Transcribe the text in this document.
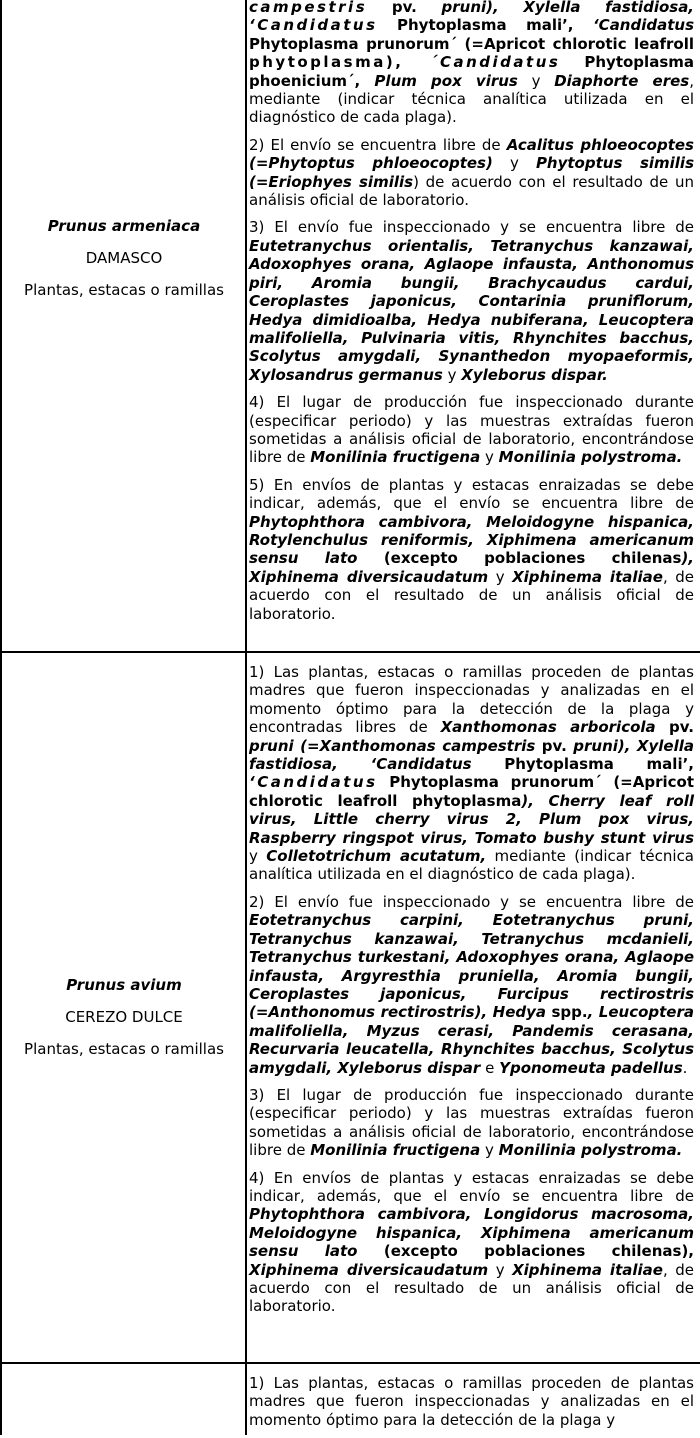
Prunus armeniaca

DAMASCO

Plantas, estacas o ramillas

campestris pv. pruni), Xylella fastidiosa, ‘Candidatus Phytoplasma mali’, ‘Candidatus Phytoplasma prunorum´ (=Apricot chlorotic leafroll phytoplasma), ´Candidatus Phytoplasma phoenicium´, Plum pox virus y Diaphorte eres, mediante (indicar técnica analítica utilizada en el diagnóstico de cada plaga).

2) El envío se encuentra libre de Acalitus phloeocoptes (=Phytoptus phloeocoptes) y Phytoptus similis (=Eriophyes similis) de acuerdo con el resultado de un análisis oficial de laboratorio.

3) El envío fue inspeccionado y se encuentra libre de Eutetranychus orientalis, Tetranychus kanzawai, Adoxophyes orana, Aglaope infausta, Anthonomus piri, Aromia bungii, Brachycaudus cardui, Ceroplastes japonicus, Contarinia pruniflorum, Hedya dimidioalba, Hedya nubiferana, Leucoptera malifoliella, Pulvinaria vitis, Rhynchites bacchus, Scolytus amygdali, Synanthedon myopaeformis, Xylosandrus germanus y Xyleborus dispar.

4) El lugar de producción fue inspeccionado durante (especificar periodo) y las muestras extraídas fueron sometidas a análisis oficial de laboratorio, encontrándose libre de Monilinia fructigena y Monilinia polystroma.

5) En envíos de plantas y estacas enraizadas se debe indicar, además, que el envío se encuentra libre de Phytophthora cambivora, Meloidogyne hispanica, Rotylenchulus reniformis, Xiphimena americanum sensu lato (excepto poblaciones chilenas), Xiphinema diversicaudatum y Xiphinema italiae, de acuerdo con el resultado de un análisis oficial de laboratorio.

Prunus avium

CEREZO DULCE

Plantas, estacas o ramillas

1) Las plantas, estacas o ramillas proceden de plantas madres que fueron inspeccionadas y analizadas en el momento óptimo para la detección de la plaga y encontradas libres de Xanthomonas arboricola pv. pruni (=Xanthomonas campestris pv. pruni), Xylella fastidiosa, ‘Candidatus Phytoplasma mali’, ‘Candidatus Phytoplasma prunorum´ (=Apricot chlorotic leafroll phytoplasma), Cherry leaf roll virus, Little cherry virus 2, Plum pox virus, Raspberry ringspot virus, Tomato bushy stunt virus y Colletotrichum acutatum, mediante (indicar técnica analítica utilizada en el diagnóstico de cada plaga).

2) El envío fue inspeccionado y se encuentra libre de Eotetranychus carpini, Eotetranychus pruni, Tetranychus kanzawai, Tetranychus mcdanieli, Tetranychus turkestani, Adoxophyes orana, Aglaope infausta, Argyresthia pruniella, Aromia bungii, Ceroplastes japonicus, Furcipus rectirostris (=Anthonomus rectirostris), Hedya spp., Leucoptera malifoliella, Myzus cerasi, Pandemis cerasana, Recurvaria leucatella, Rhynchites bacchus, Scolytus amygdali, Xyleborus dispar e Yponomeuta padellus.

3) El lugar de producción fue inspeccionado durante (especificar periodo) y las muestras extraídas fueron sometidas a análisis oficial de laboratorio, encontrándose libre de Monilinia fructigena y Monilinia polystroma.

4) En envíos de plantas y estacas enraizadas se debe indicar, además, que el envío se encuentra libre de Phytophthora cambivora, Longidorus macrosoma, Meloidogyne hispanica, Xiphimena americanum sensu lato (excepto poblaciones chilenas), Xiphinema diversicaudatum y Xiphinema italiae, de acuerdo con el resultado de un análisis oficial de laboratorio.

1) Las plantas, estacas o ramillas proceden de plantas madres que fueron inspeccionadas y analizadas en el momento óptimo para la detección de la plaga y
